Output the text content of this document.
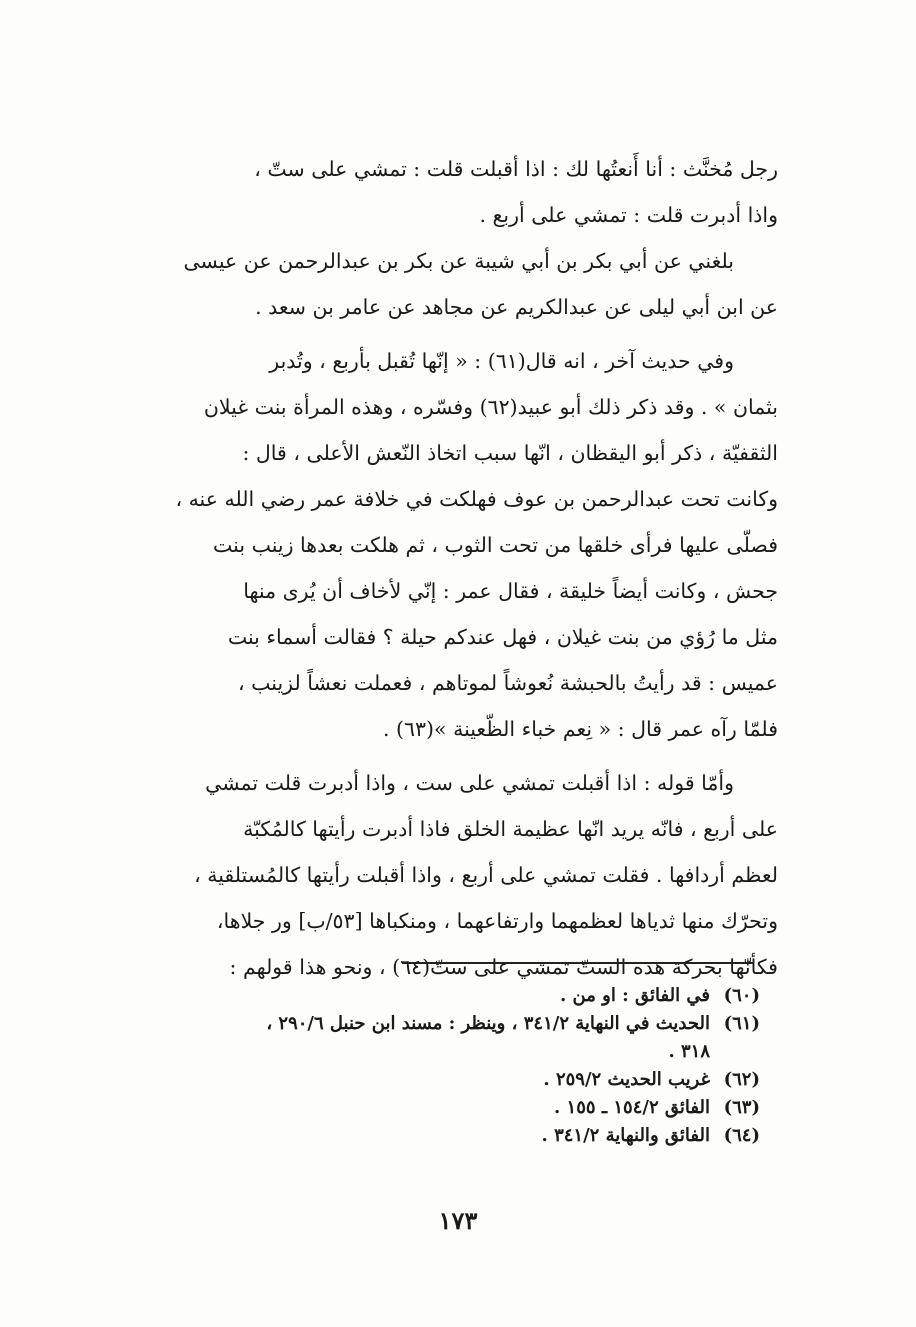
رجل مُخنَّث : أنا أَنعتُها لك : اذا أقبلت قلت : تمشي على ستّ ،
واذا أدبرت قلت : تمشي على أربع .
بلغني عن أبي بكر بن أبي شيبة عن بكر بن عبدالرحمن عن عيسى
عن ابن أبي ليلى عن عبدالكريم عن مجاهد عن عامر بن سعد .
وفي حديث آخر ، انه قال(٦١) : « إنّها تُقبل بأربع ، وتُدبر
بثمان » . وقد ذكر ذلك أبو عبيد(٦٢) وفسّره ، وهذه المرأة بنت غيلان
الثقفيّة ، ذكر أبو اليقظان ، انّها سبب اتخاذ النّعش الأعلى ، قال :
وكانت تحت عبدالرحمن بن عوف فهلكت في خلافة عمر رضي الله عنه ،
فصلّى عليها فرأى خلقها من تحت الثوب ، ثم هلكت بعدها زينب بنت
جحش ، وكانت أيضاً خليقة ، فقال عمر : إنّي لأخاف أن يُرى منها
مثل ما رُؤي من بنت غيلان ، فهل عندكم حيلة ؟ فقالت أسماء بنت
عميس : قد رأيتُ بالحبشة نُعوشاً لموتاهم ، فعملت نعشاً لزينب ،
فلمّا رآه عمر قال : « نِعم خباء الظّعينة »(٦٣) .
وأمّا قوله : اذا أقبلت تمشي على ست ، واذا أدبرت قلت تمشي
على أربع ، فانّه يريد انّها عظيمة الخلق فاذا أدبرت رأيتها كالمُكبّة
لعظم أردافها . فقلت تمشي على أربع ، واذا أقبلت رأيتها كالمُستلقية ،
وتحرّك منها ثدياها لعظمهما وارتفاعهما ، ومنكباها [٥٣/ب] ور جلاها،
فكأنّها بحركة هذه الستّ تمشي على ستّ(٦٤) ، ونحو هذا قولهم :
(٦٠)
في الفائق : او من .
(٦١)
الحديث في النهاية ٣٤١/٢ ، وينظر : مسند ابن حنبل ٢٩٠/٦ ،
٣١٨ .
(٦٢)
غريب الحديث ٢٥٩/٢ .
(٦٣)
الفائق ١٥٤/٢ ـ ١٥٥ .
(٦٤)
الفائق والنهاية ٣٤١/٢ .
١٧٣
